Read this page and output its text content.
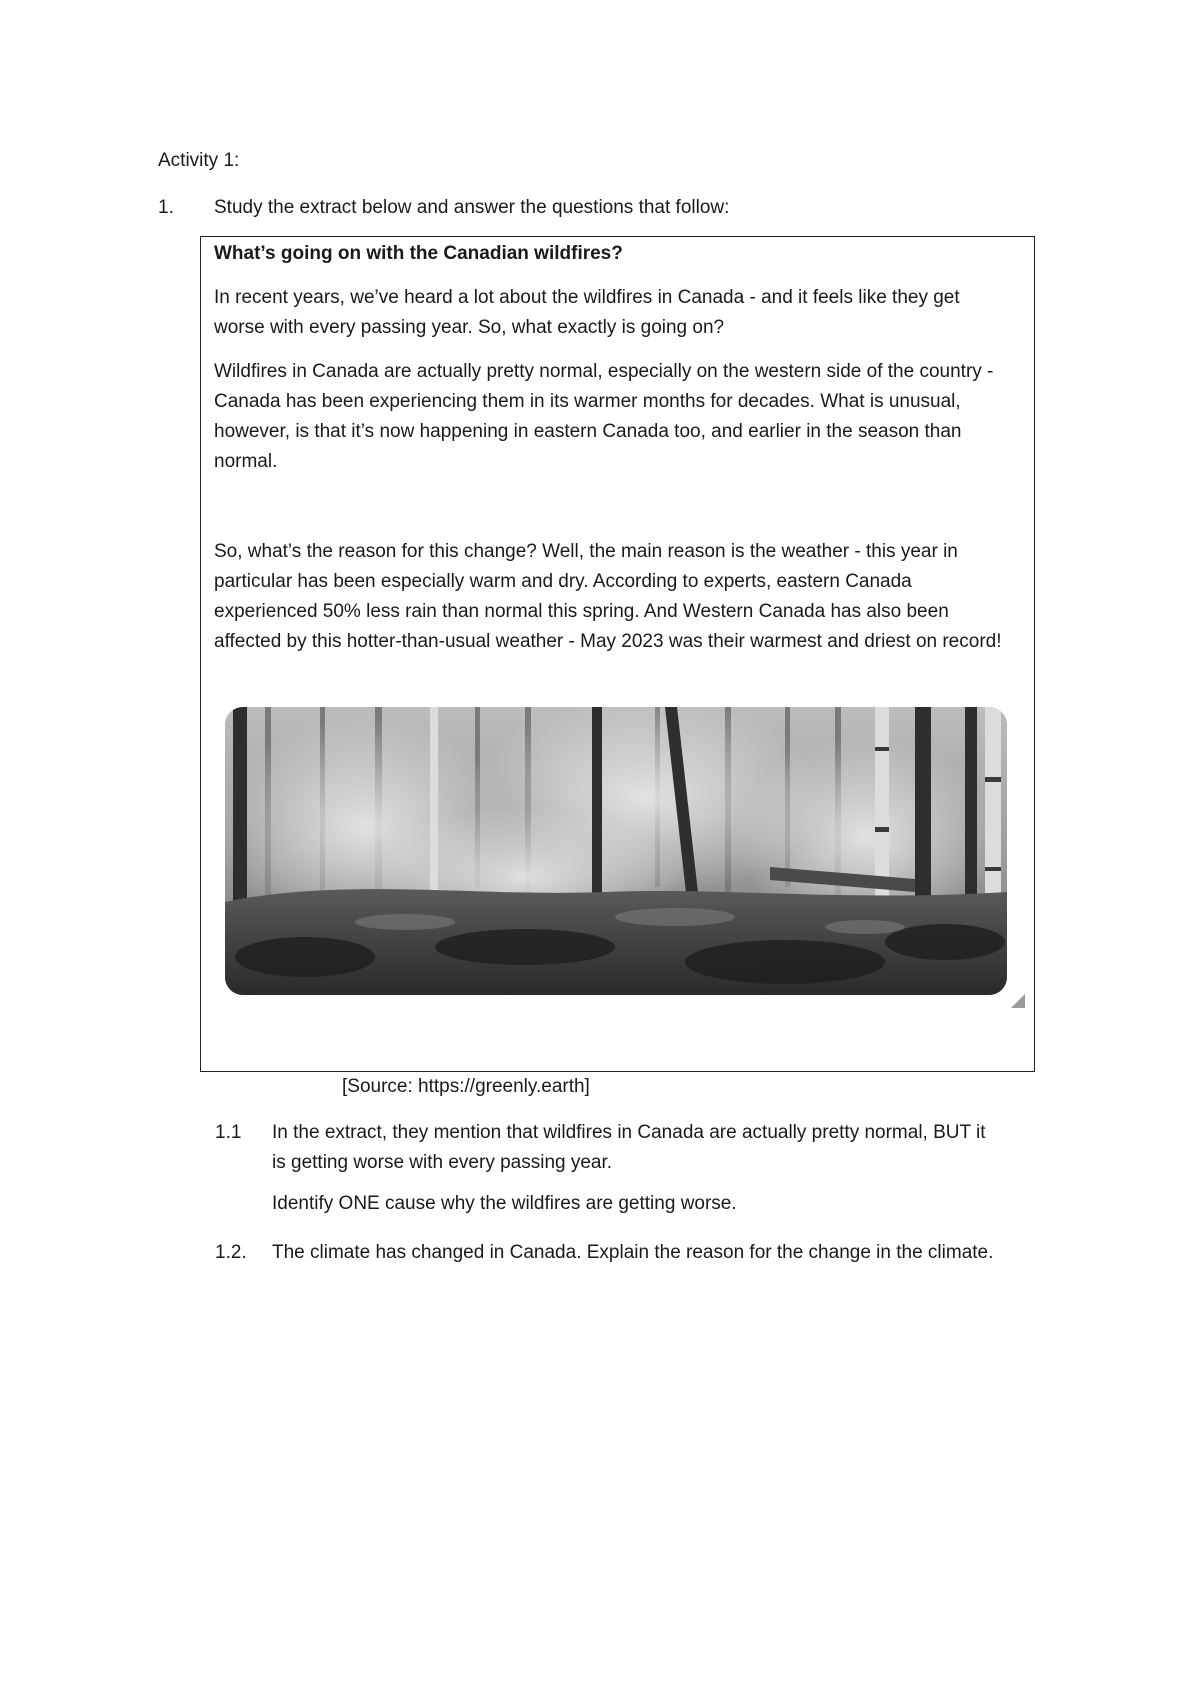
Activity 1:
1. Study the extract below and answer the questions that follow:
What’s going on with the Canadian wildfires?

In recent years, we’ve heard a lot about the wildfires in Canada - and it feels like they get worse with every passing year. So, what exactly is going on?

Wildfires in Canada are actually pretty normal, especially on the western side of the country - Canada has been experiencing them in its warmer months for decades. What is unusual, however, is that it’s now happening in eastern Canada too, and earlier in the season than normal.

So, what’s the reason for this change? Well, the main reason is the weather - this year in particular has been especially warm and dry. According to experts, eastern Canada experienced 50% less rain than normal this spring. And Western Canada has also been affected by this hotter-than-usual weather - May 2023 was their warmest and driest on record!

[Source: https://greenly.earth]
1.1 In the extract, they mention that wildfires in Canada are actually pretty normal, BUT it is getting worse with every passing year.
Identify ONE cause why the wildfires are getting worse.
1.2. The climate has changed in Canada. Explain the reason for the change in the climate.
